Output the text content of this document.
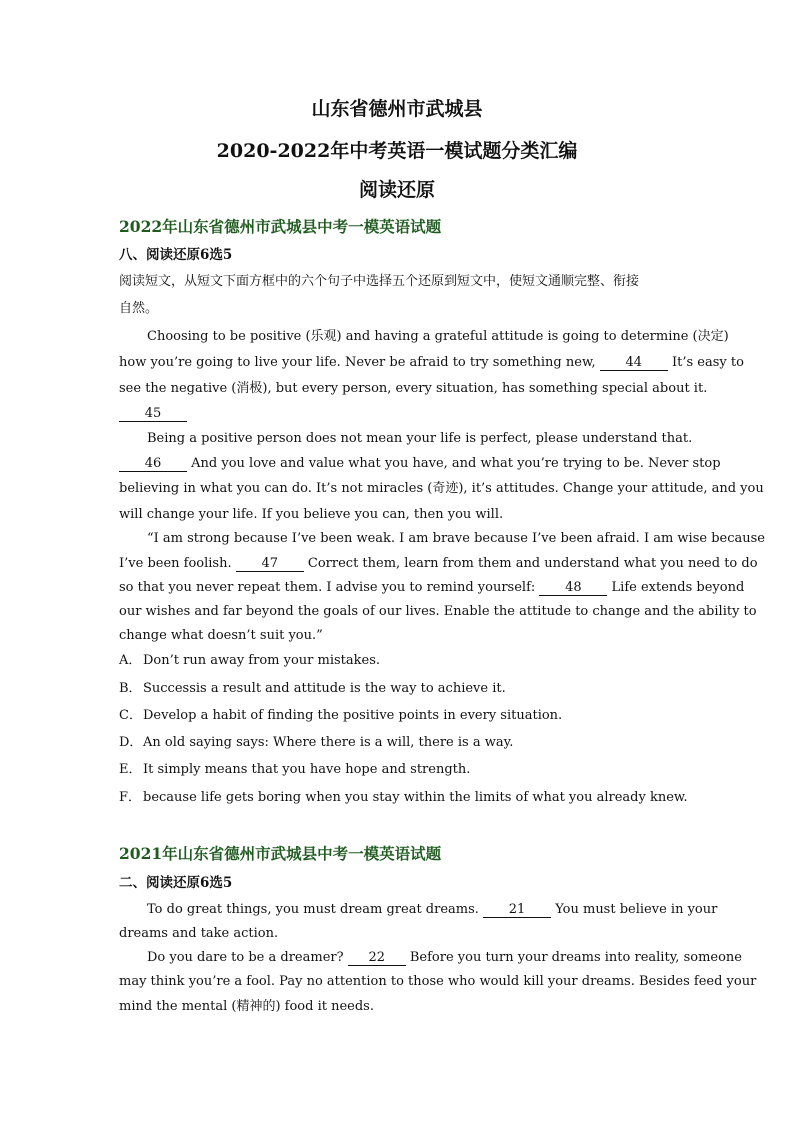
山东省德州市武城县
2020-2022年中考英语一模试题分类汇编
阅读还原
2022年山东省德州市武城县中考一模英语试题
八、阅读还原6选5
阅读短文，从短文下面方框中的六个句子中选择五个还原到短文中，使短文通顺完整、衔接
自然。
Choosing to be positive (乐观) and having a grateful attitude is going to determine (决定)
how you’re going to live your life. Never be afraid to try something new, 44 It’s easy to
see the negative (消极), but every person, every situation, has something special about it.
45
Being a positive person does not mean your life is perfect, please understand that.
46 And you love and value what you have, and what you’re trying to be. Never stop
believing in what you can do. It’s not miracles (奇迹), it’s attitudes. Change your attitude, and you
will change your life. If you believe you can, then you will.
“I am strong because I’ve been weak. I am brave because I’ve been afraid. I am wise because
I’ve been foolish. 47 Correct them, learn from them and understand what you need to do
so that you never repeat them. I advise you to remind yourself: 48 Life extends beyond
our wishes and far beyond the goals of our lives. Enable the attitude to change and the ability to
change what doesn’t suit you.”
A． Don’t run away from your mistakes.
B．Successis a result and attitude is the way to achieve it.
C．Develop a habit of finding the positive points in every situation.
D．An old saying says: Where there is a will, there is a way.
E． It simply means that you have hope and strength.
F． because life gets boring when you stay within the limits of what you already knew.
2021年山东省德州市武城县中考一模英语试题
二、阅读还原6选5
To do great things, you must dream great dreams. 21 You must believe in your
dreams and take action.
Do you dare to be a dreamer? 22 Before you turn your dreams into reality, someone
may think you’re a fool. Pay no attention to those who would kill your dreams. Besides feed your
mind the mental (精神的) food it needs.
